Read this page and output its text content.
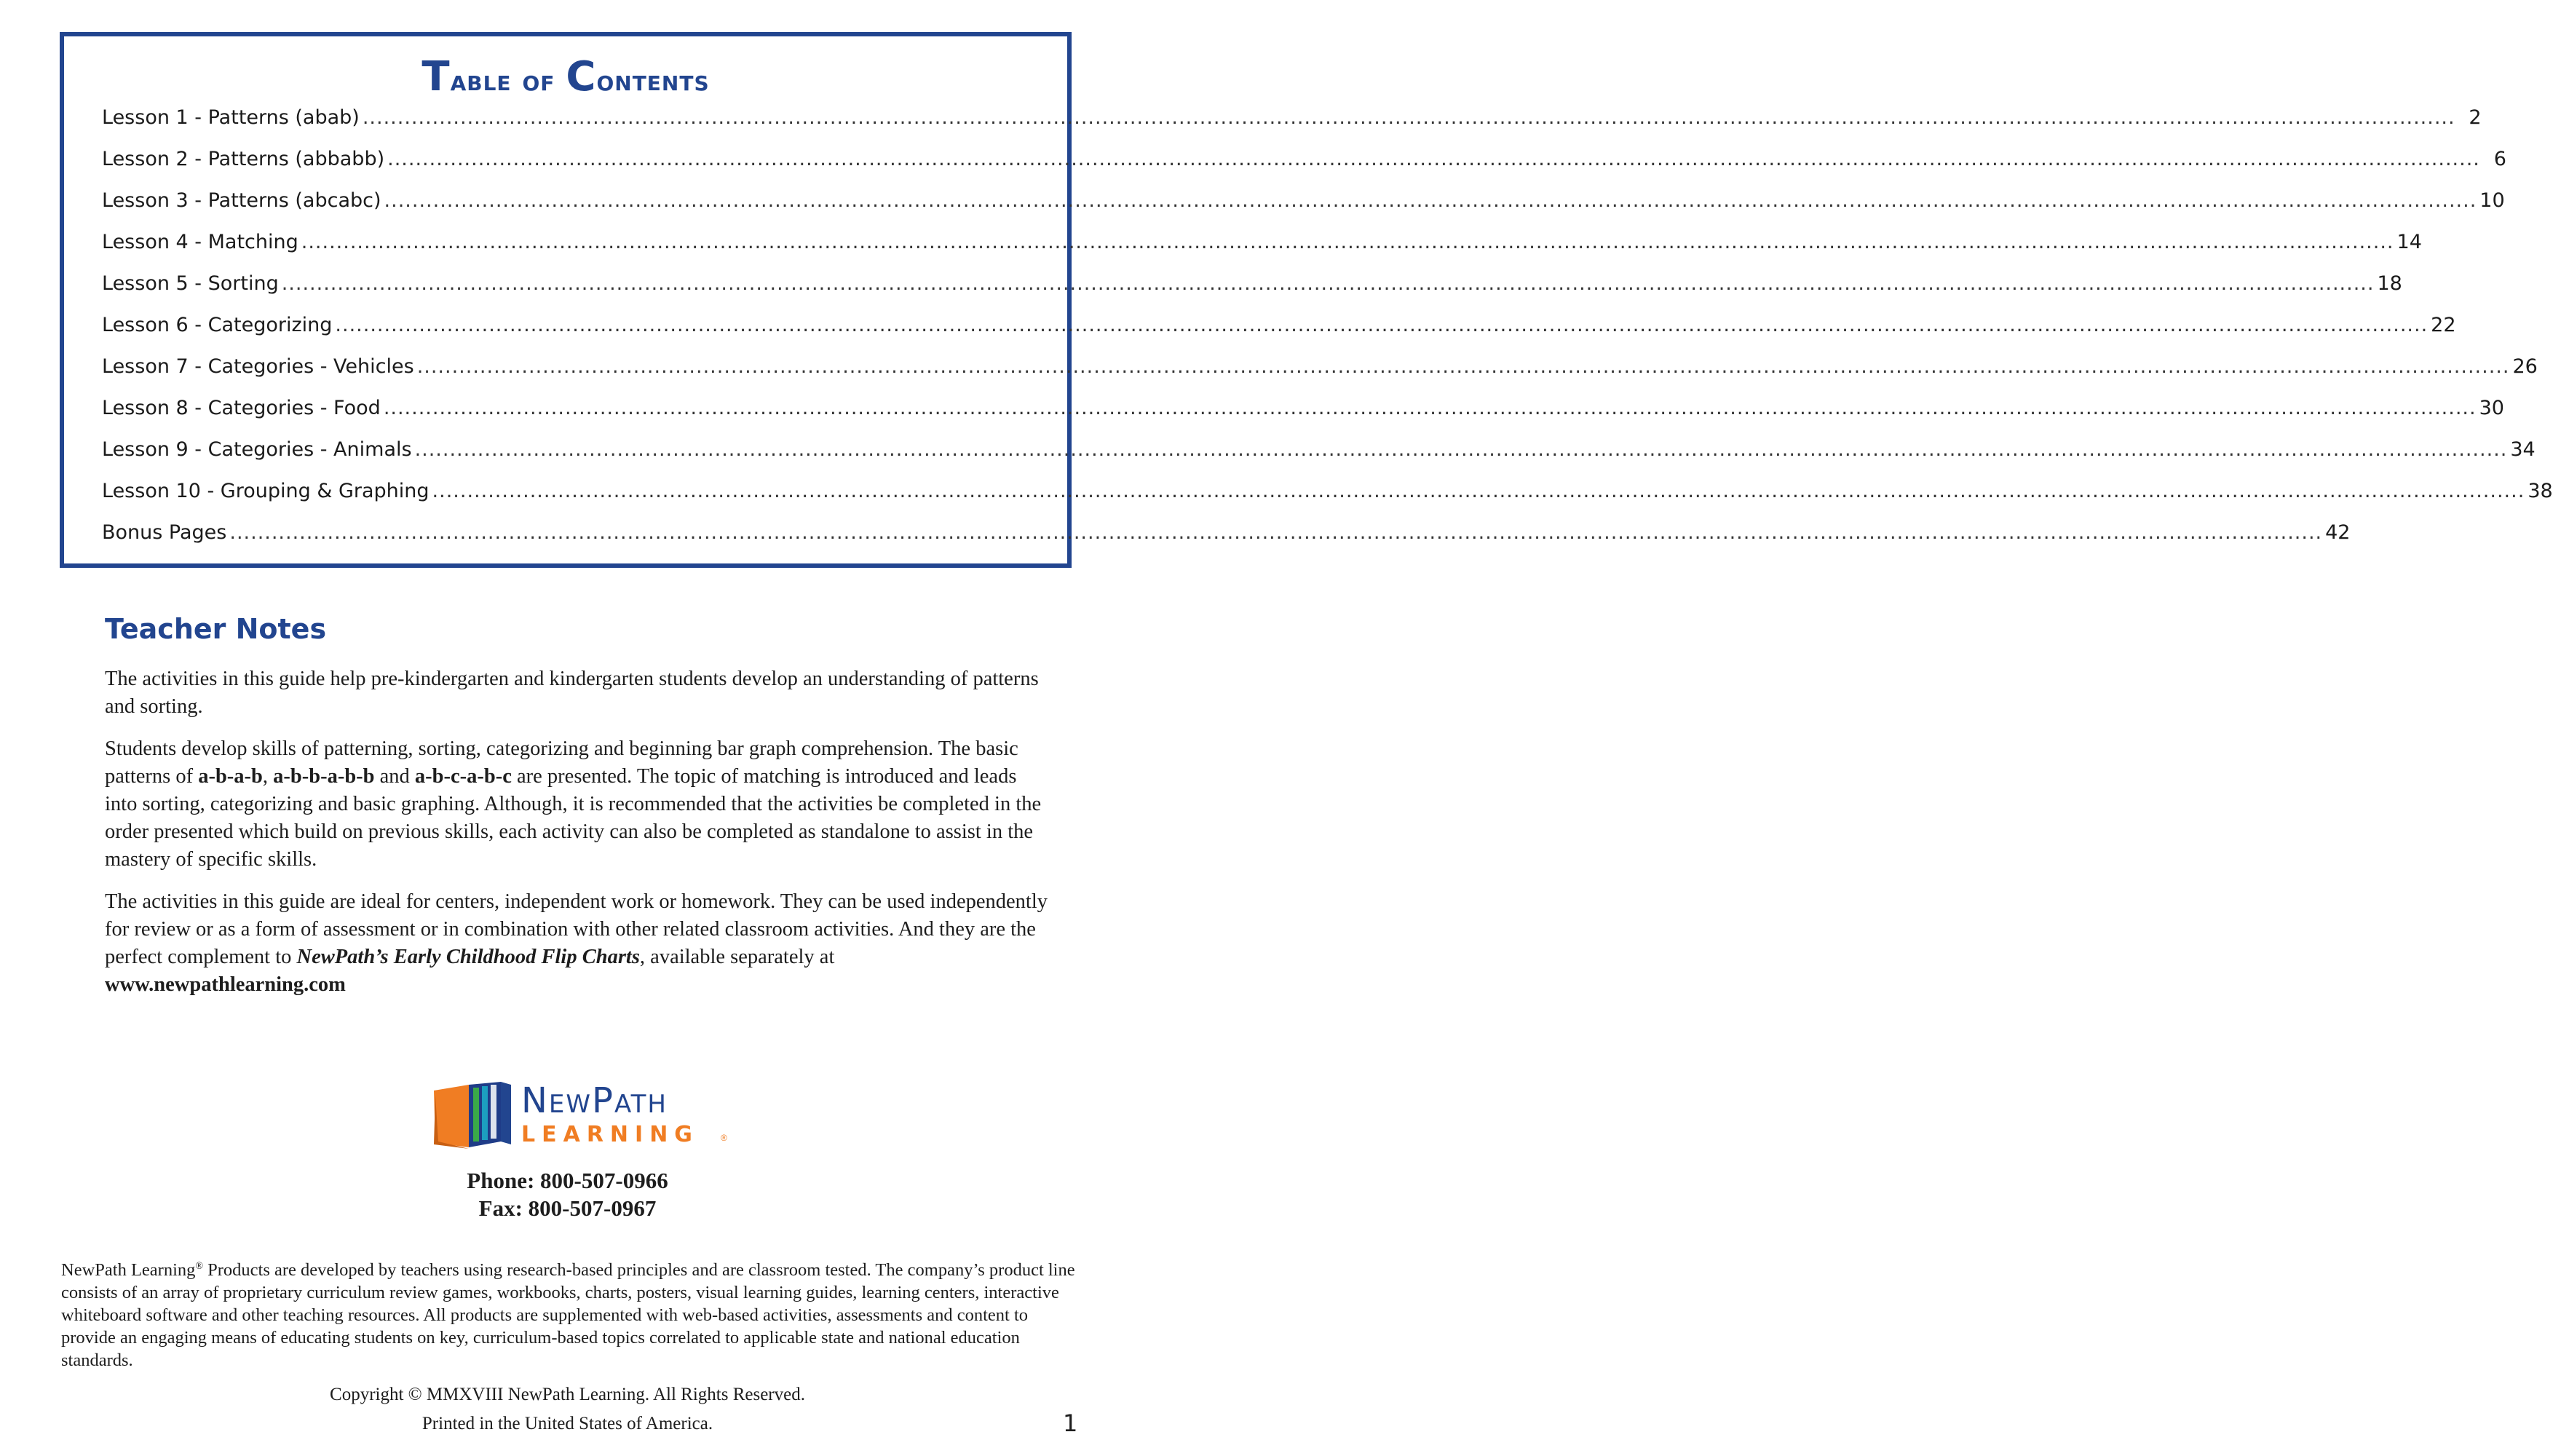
Table of Contents
Lesson 1 - Patterns (abab) ............................................................................................................................................................................................................................................................................................................ 2
Lesson 2 - Patterns (abbabb) ............................................................................................................................................................................................................................................................................................................ 6
Lesson 3 - Patterns (abcabc) ............................................................................................................................................................................................................................................................................................................ 10
Lesson 4 - Matching ............................................................................................................................................................................................................................................................................................................ 14
Lesson 5 - Sorting ............................................................................................................................................................................................................................................................................................................ 18
Lesson 6 - Categorizing ............................................................................................................................................................................................................................................................................................................ 22
Lesson 7 - Categories - Vehicles ............................................................................................................................................................................................................................................................................................................ 26
Lesson 8 - Categories - Food ............................................................................................................................................................................................................................................................................................................ 30
Lesson 9 - Categories - Animals ............................................................................................................................................................................................................................................................................................................ 34
Lesson 10 - Grouping & Graphing ............................................................................................................................................................................................................................................................................................................ 38
Bonus Pages ............................................................................................................................................................................................................................................................................................................ 42
Teacher Notes

The activities in this guide help pre-kindergarten and kindergarten students develop an understanding of patterns and sorting.

Students develop skills of patterning, sorting, categorizing and beginning bar graph comprehension. The basic patterns of a-b-a-b, a-b-b-a-b-b and a-b-c-a-b-c are presented. The topic of matching is introduced and leads into sorting, categorizing and basic graphing. Although, it is recommended that the activities be completed in the order presented which build on previous skills, each activity can also be completed as standalone to assist in the mastery of specific skills.

The activities in this guide are ideal for centers, independent work or homework. They can be used independently for review or as a form of assessment or in combination with other related classroom activities. And they are the perfect complement to NewPath’s Early Childhood Flip Charts, available separately at www.newpathlearning.com

NewPath
LEARNING	®
Phone: 800-507-0966
Fax: 800-507-0967
NewPath Learning® Products are developed by teachers using research-based principles and are classroom tested. The company’s product line consists of an array of proprietary curriculum review games, workbooks, charts, posters, visual learning guides, learning centers, interactive whiteboard software and other teaching resources. All products are supplemented with web-based activities, assessments and content to provide an engaging means of educating students on key, curriculum-based topics correlated to applicable state and national education standards.
Copyright © MMXVIII NewPath Learning. All Rights Reserved.
Printed in the United States of America.	1
